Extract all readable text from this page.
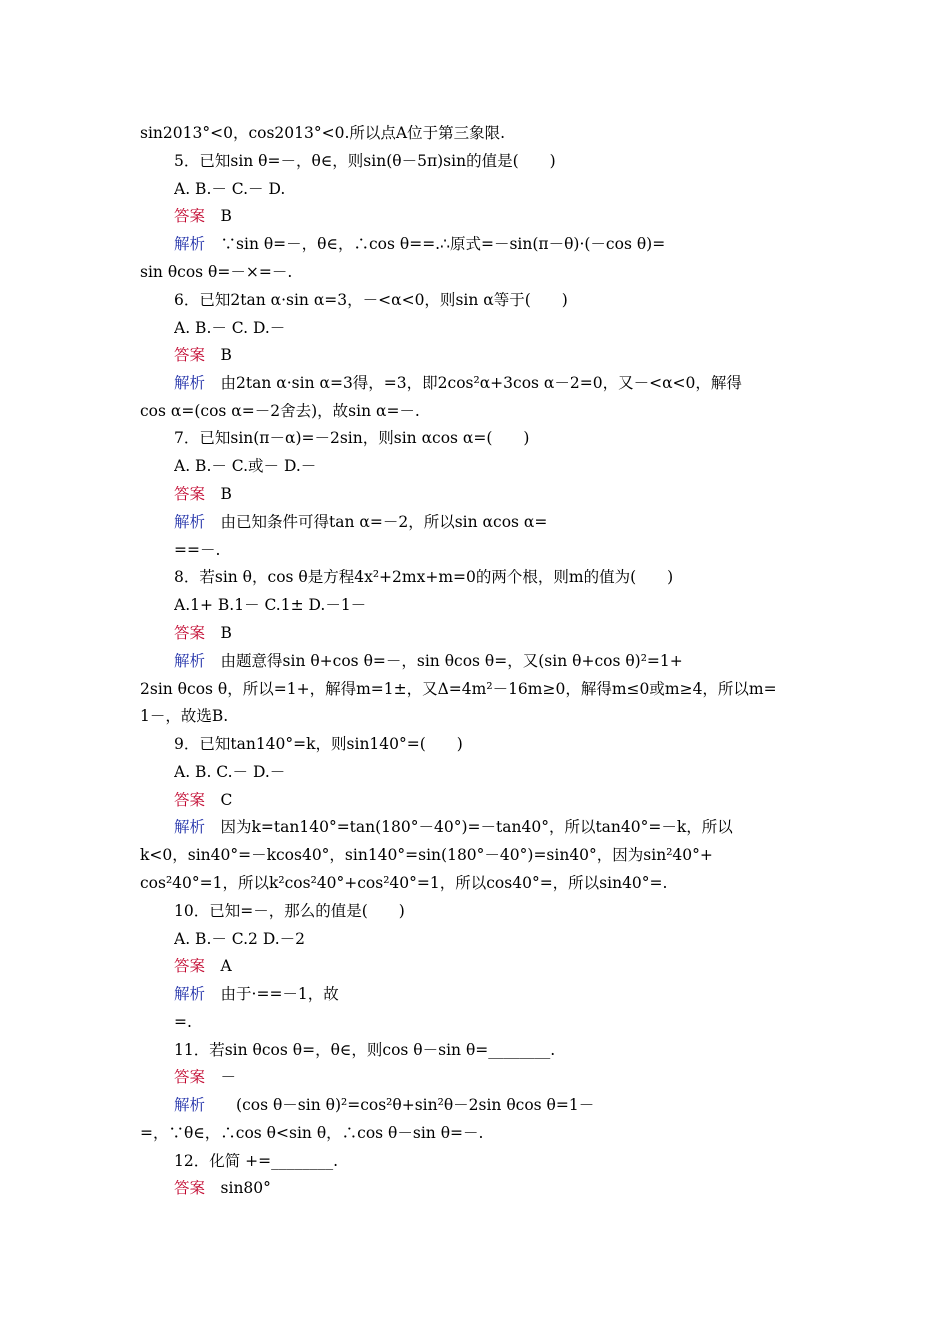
sin2013°<0，cos2013°<0.所以点A位于第三象限.
5．已知sin θ=－，θ∈，则sin(θ－5π)sin的值是(　　)
A. B.－ C.－ D.
答案　 B
解析　 ∵sin θ=－，θ∈，∴cos θ==.∴原式=－sin(π－θ)·(－cos θ)=
sin θcos θ=－×=－.
6．已知2tan α·sin α=3，－<α<0，则sin α等于(　　)
A. B.－ C. D.－
答案　 B
解析　 由2tan α·sin α=3得，=3，即2cos²α+3cos α－2=0，又－<α<0，解得
cos α=(cos α=－2舍去)，故sin α=－.
7．已知sin(π－α)=－2sin，则sin αcos α=(　　)
A. B.－ C.或－ D.－
答案　 B
解析　 由已知条件可得tan α=－2，所以sin αcos α=
==－.
8．若sin θ，cos θ是方程4x²+2mx+m=0的两个根，则m的值为(　　)
A.1+ B.1－ C.1± D.－1－
答案　 B
解析　 由题意得sin θ+cos θ=－，sin θcos θ=，又(sin θ+cos θ)²=1+
2sin θcos θ，所以=1+，解得m=1±，又Δ=4m²－16m≥0，解得m≤0或m≥4，所以m=
1－，故选B.
9．已知tan140°=k，则sin140°=(　　)
A. B. C.－ D.－
答案　 C
解析　 因为k=tan140°=tan(180°－40°)=－tan40°，所以tan40°=－k，所以
k<0，sin40°=－kcos40°，sin140°=sin(180°－40°)=sin40°，因为sin²40°+
cos²40°=1，所以k²cos²40°+cos²40°=1，所以cos40°=，所以sin40°=.
10．已知=－，那么的值是(　　)
A. B.－ C.2 D.－2
答案　 A
解析　 由于·==－1，故
=.
11．若sin θcos θ=，θ∈，则cos θ－sin θ=________.
答案　 －
解析　　 (cos θ－sin θ)²=cos²θ+sin²θ－2sin θcos θ=1－
=，∵θ∈，∴cos θ<sin θ，∴cos θ－sin θ=－.
12．化简 +=________.
答案　 sin80°
